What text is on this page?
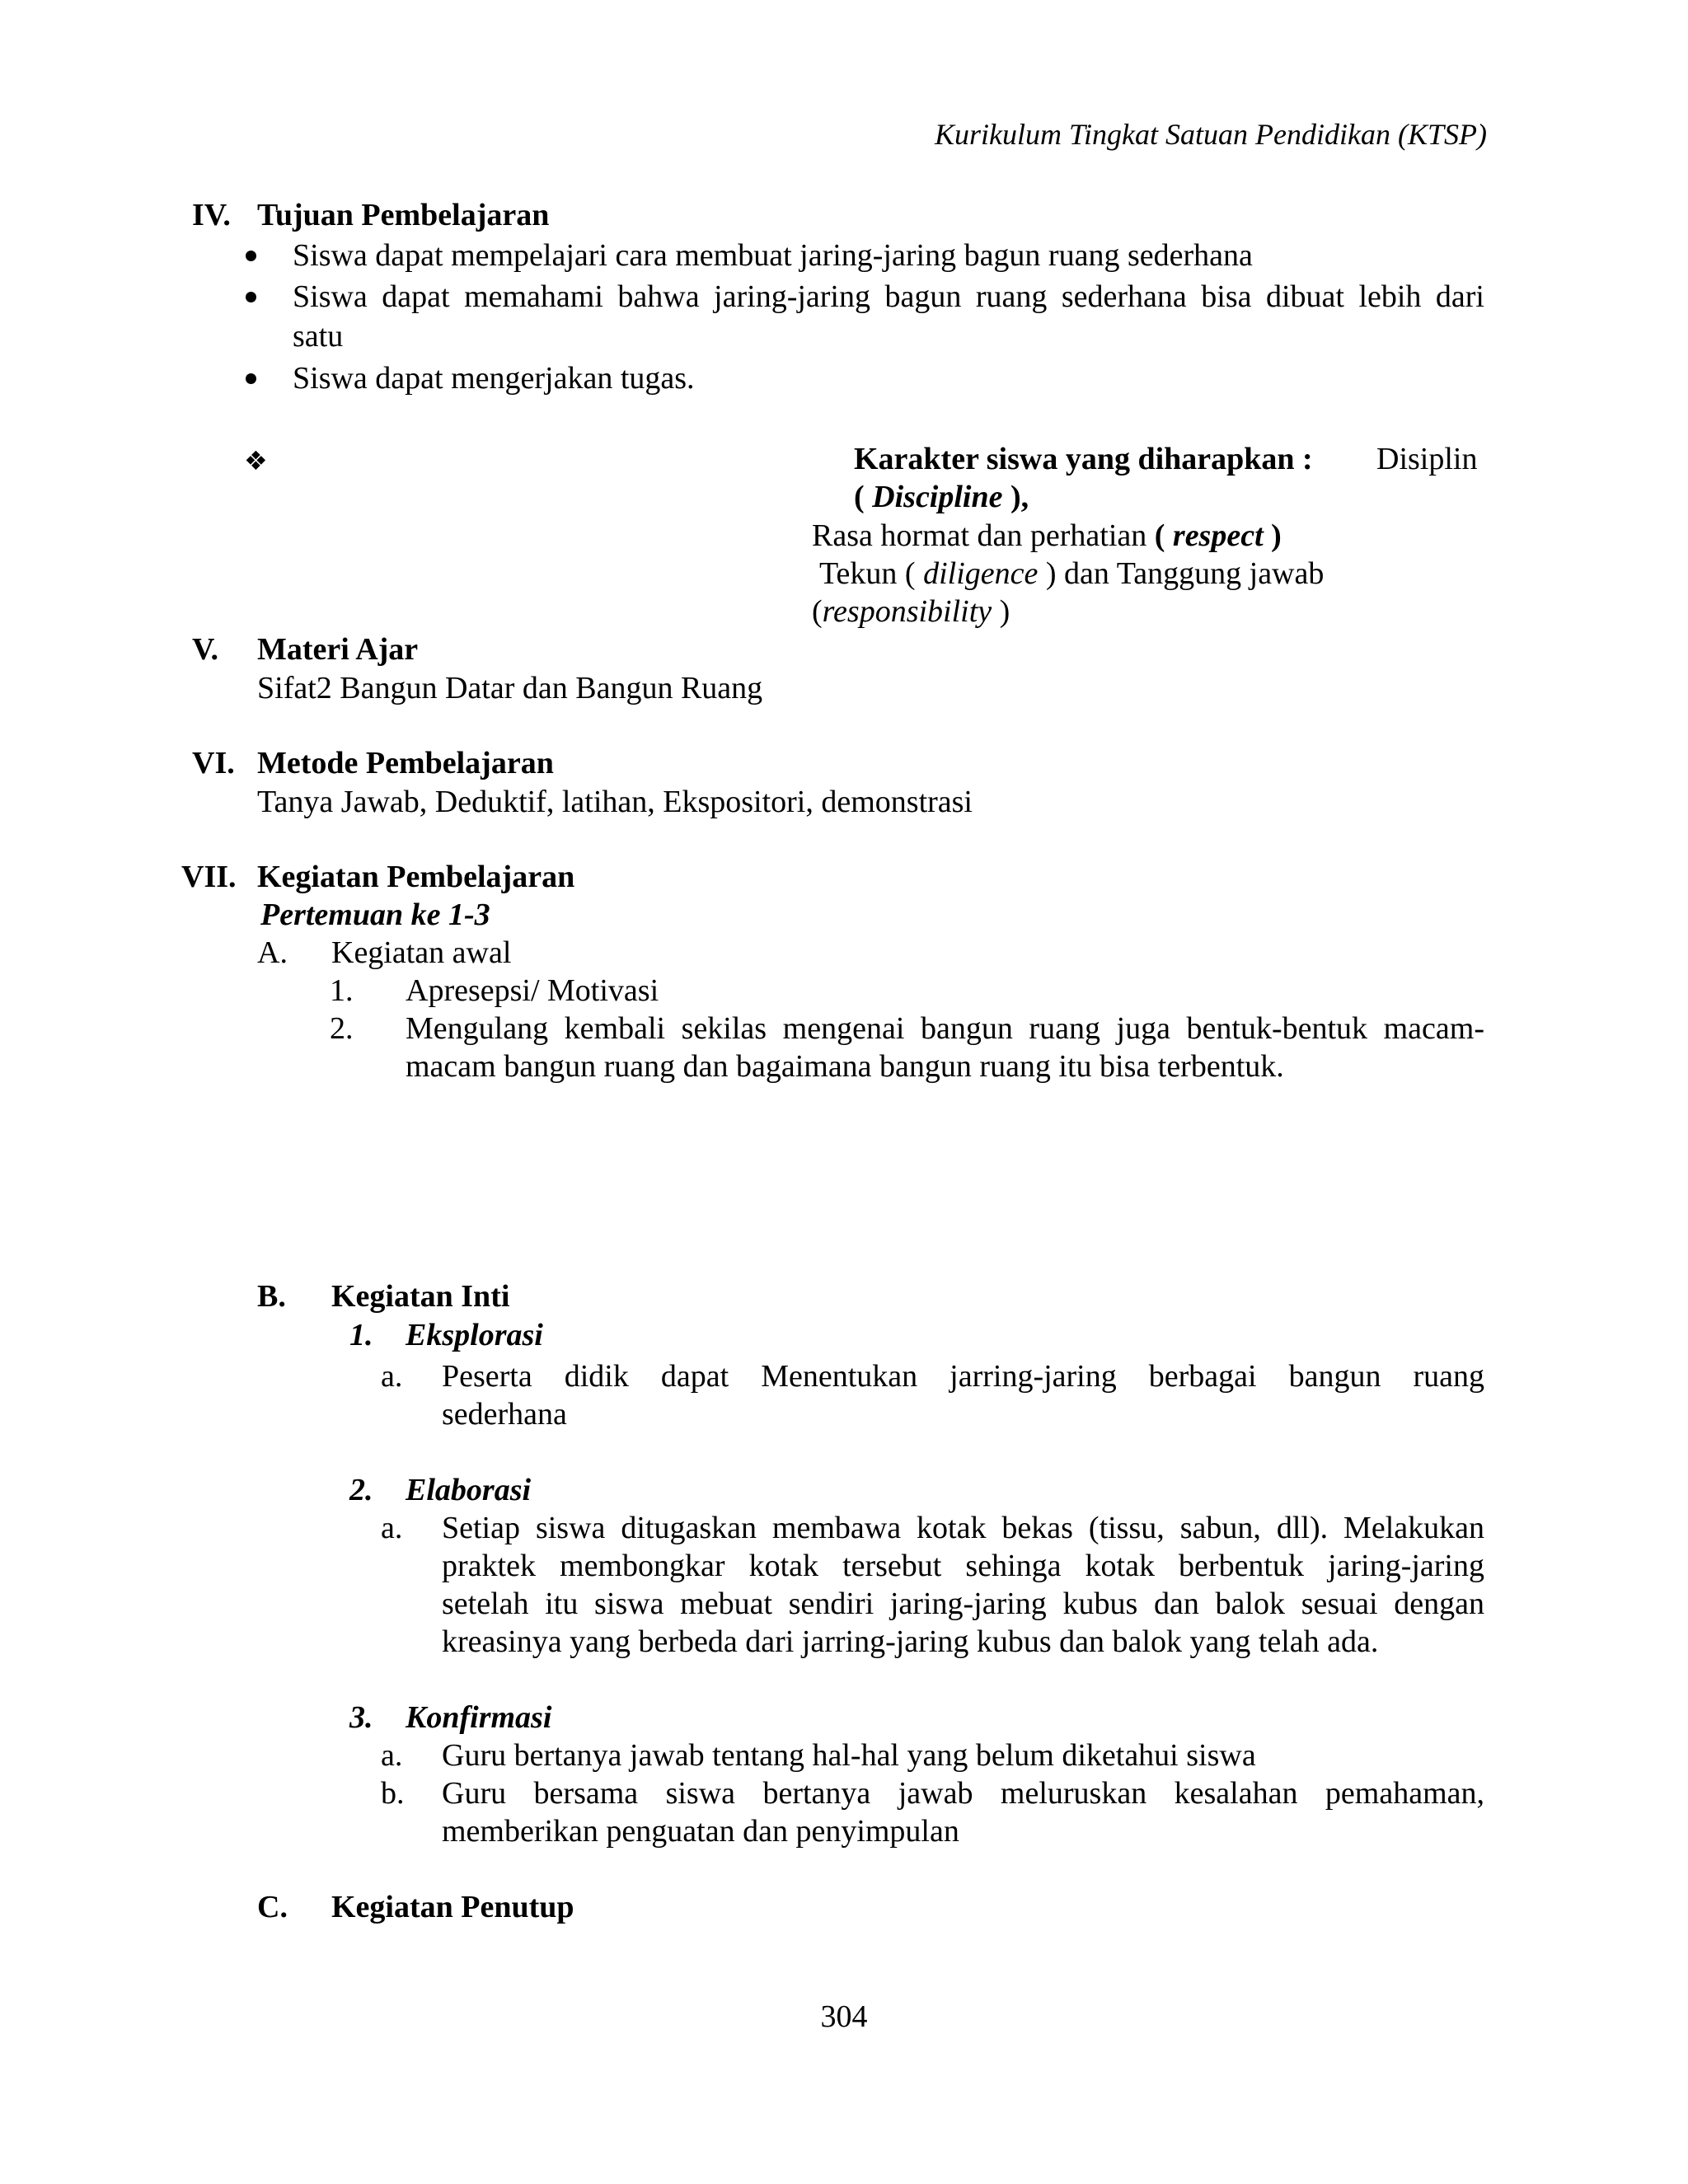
Kurikulum Tingkat Satuan Pendidikan (KTSP)
IV. Tujuan Pembelajaran
Siswa dapat mempelajari cara membuat jaring-jaring bagun ruang sederhana
Siswa dapat memahami bahwa jaring-jaring bagun ruang sederhana bisa dibuat lebih dari
satu
Siswa dapat mengerjakan tugas.
❖	Karakter siswa yang diharapkan : Disiplin
( Discipline ),
Rasa hormat dan perhatian ( respect )
Tekun ( diligence ) dan Tanggung jawab
(responsibility )
V. Materi Ajar
Sifat2 Bangun Datar dan Bangun Ruang
VI. Metode Pembelajaran
Tanya Jawab, Deduktif, latihan, Ekspositori, demonstrasi
VII. Kegiatan Pembelajaran
Pertemuan ke 1-3
A. Kegiatan awal
1. Apresepsi/ Motivasi
2. Mengulang kembali sekilas mengenai bangun ruang juga bentuk-bentuk macam-
macam bangun ruang dan bagaimana bangun ruang itu bisa terbentuk.
B. Kegiatan Inti
1. Eksplorasi
a. Peserta didik dapat Menentukan jarring-jaring berbagai bangun ruang
sederhana
2. Elaborasi
a. Setiap siswa ditugaskan membawa kotak bekas (tissu, sabun, dll). Melakukan
praktek membongkar kotak tersebut sehinga kotak berbentuk jaring-jaring
setelah itu siswa mebuat sendiri jaring-jaring kubus dan balok sesuai dengan
kreasinya yang berbeda dari jarring-jaring kubus dan balok yang telah ada.
3. Konfirmasi
a. Guru bertanya jawab tentang hal-hal yang belum diketahui siswa
b. Guru bersama siswa bertanya jawab meluruskan kesalahan pemahaman,
memberikan penguatan dan penyimpulan
C. Kegiatan Penutup
304
